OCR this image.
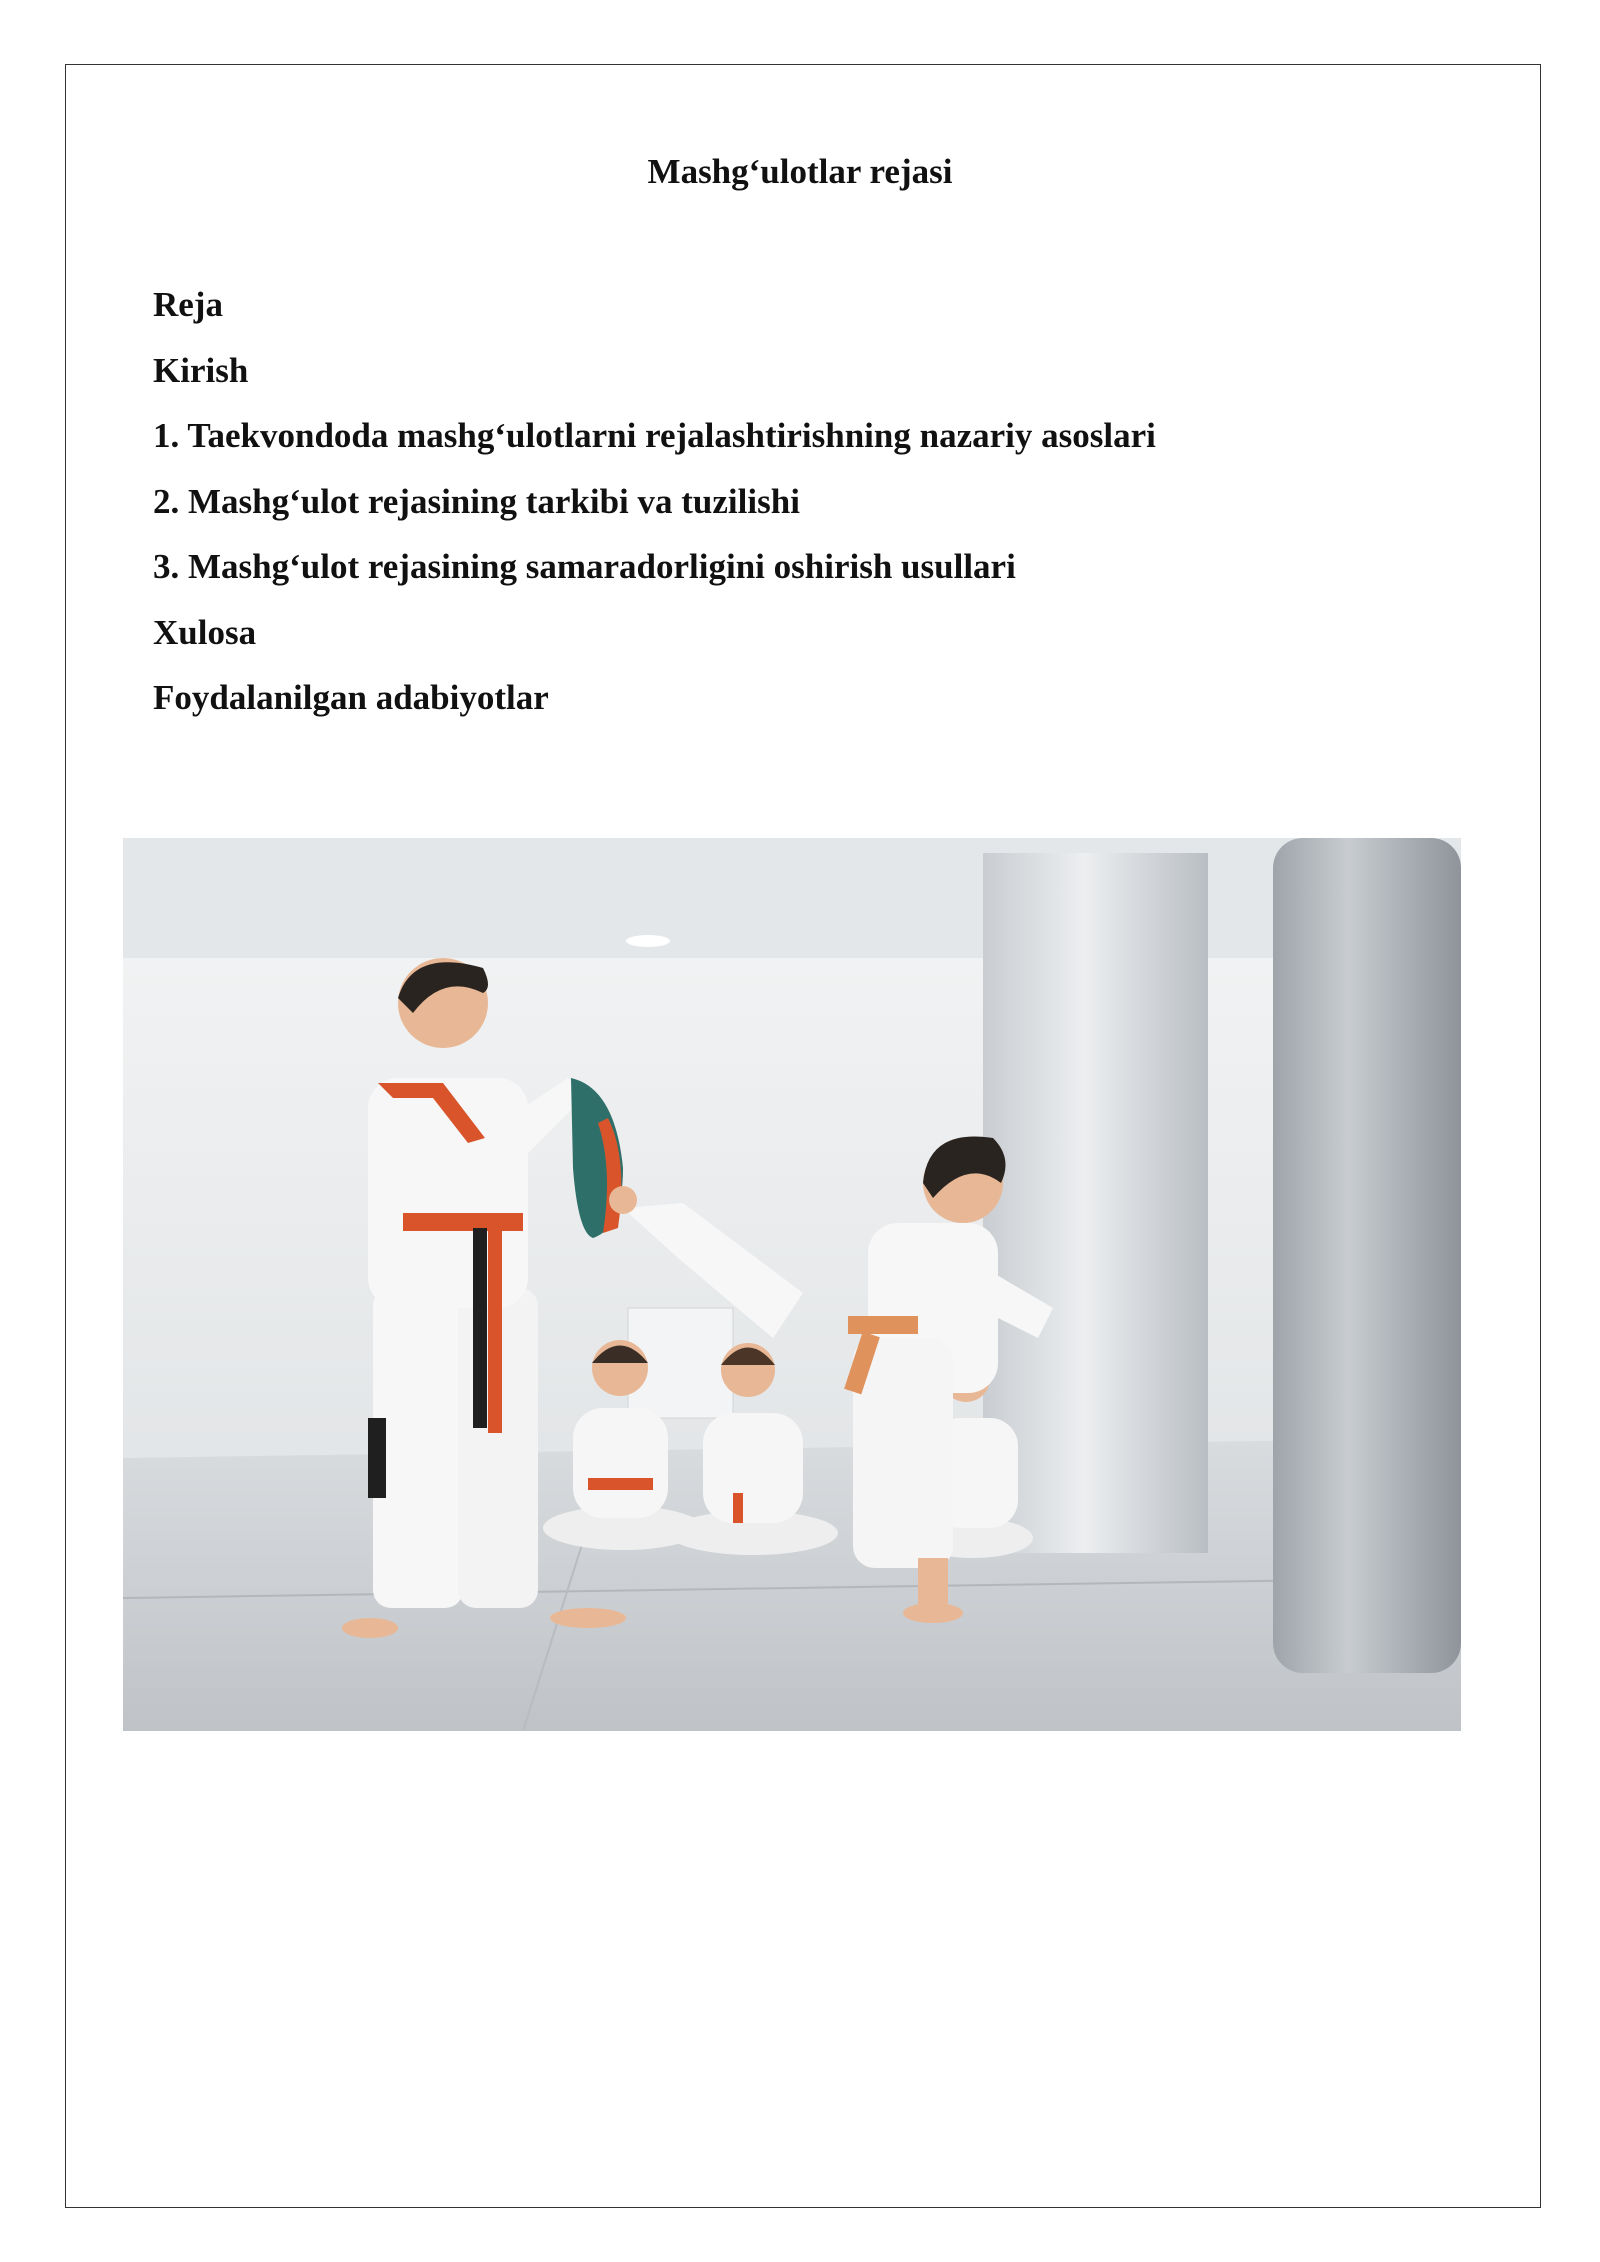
Mashg‘ulotlar rejasi
Reja
Kirish
1. Taekvondoda mashg‘ulotlarni rejalashtirishning nazariy asoslari
2. Mashg‘ulot rejasining tarkibi va tuzilishi
3. Mashg‘ulot rejasining samaradorligini oshirish usullari
Xulosa
Foydalanilgan adabiyotlar
